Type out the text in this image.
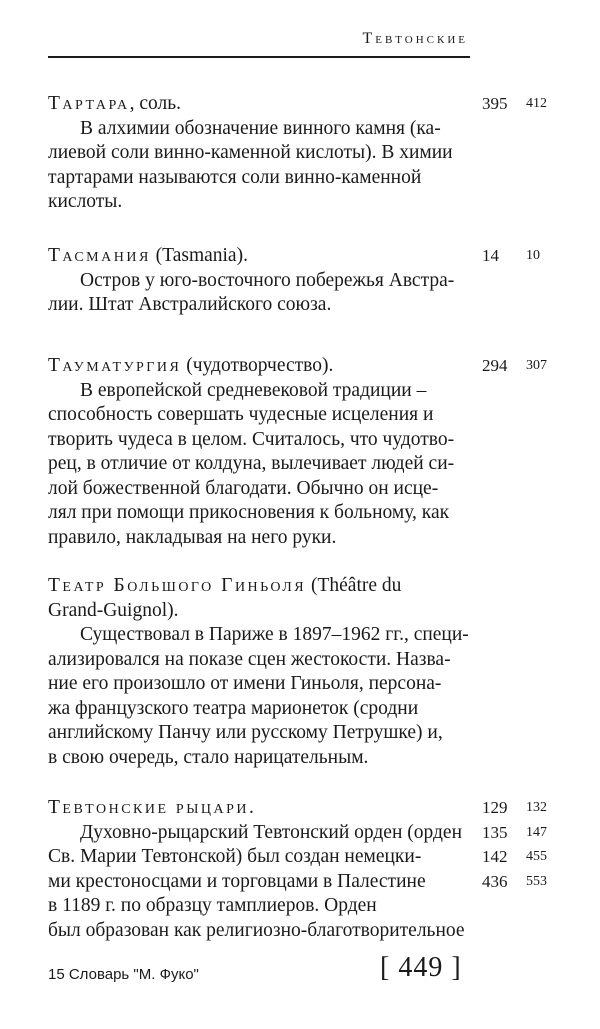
Тевтонские
Тартара, соль.
В алхимии обозначение винного камня (ка-
лиевой соли винно-каменной кислоты). В химии
тартарами называются соли винно-каменной
кислоты.
395	412
Тасмания (Tasmania).
Остров у юго-восточного побережья Австра-
лии. Штат Австралийского союза.
14	10
Тауматургия (чудотворчество).
В европейской средневековой традиции –
способность совершать чудесные исцеления и
творить чудеса в целом. Считалось, что чудотво-
рец, в отличие от колдуна, вылечивает людей си-
лой божественной благодати. Обычно он исце-
лял при помощи прикосновения к больному, как
правило, накладывая на него руки.
294	307
Театр Большого Гиньоля (Théâtre du
Grand-Guignol).
Существовал в Париже в 1897–1962 гг., специ-
ализировался на показе сцен жестокости. Назва-
ние его произошло от имени Гиньоля, персона-
жа французского театра марионеток (сродни
английскому Панчу или русскому Петрушке) и,
в свою очередь, стало нарицательным.
Тевтонские рыцари.
Духовно-рыцарский Тевтонский орден (орден
Св. Марии Тевтонской) был создан немецки-
ми крестоносцами и торговцами в Палестине
в 1189 г. по образцу тамплиеров. Орден
был образован как религиозно-благотворительное
129	132
135	147
142	455
436	553
15 Словарь "М. Фуко"	[ 449 ]
